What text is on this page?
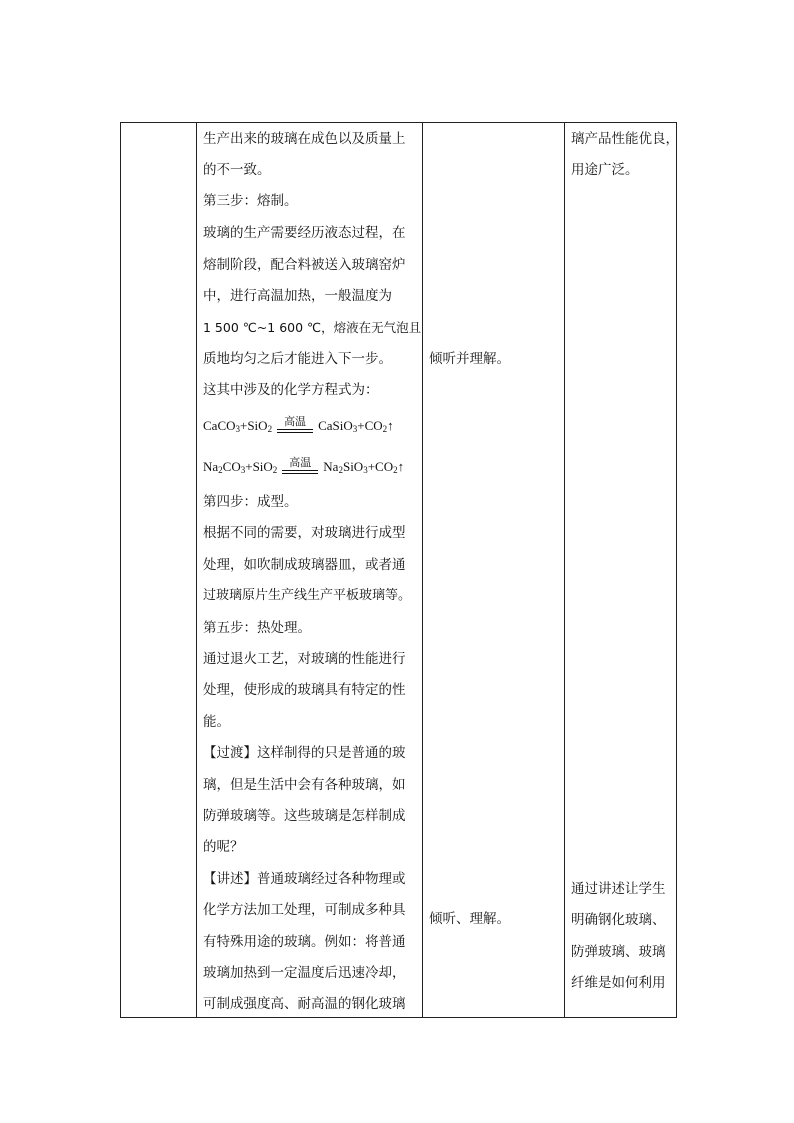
生产出来的玻璃在成色以及质量上
的不一致。
第三步：熔制。
玻璃的生产需要经历液态过程，在
熔制阶段，配合料被送入玻璃窑炉
中，进行高温加热，一般温度为
1 500 ℃~1 600 ℃，熔液在无气泡且
质地均匀之后才能进入下一步。
这其中涉及的化学方程式为：
CaCO$_3$+SiO$_2$高温 $CaSiO_3+CO_2↑$
$Na_2CO_3+SiO_2$高温 $Na_2SiO_3+CO_2↑$
第四步：成型。
根据不同的需要，对玻璃进行成型
处理，如吹制成玻璃器皿，或者通
过玻璃原片生产线生产平板玻璃等。
第五步：热处理。
通过退火工艺，对玻璃的性能进行
处理，使形成的玻璃具有特定的性
能。
【过渡】这样制得的只是普通的玻
璃，但是生活中会有各种玻璃，如
防弹玻璃等。这些玻璃是怎样制成
的呢？
【讲述】普通玻璃经过各种物理或
化学方法加工处理，可制成多种具
有特殊用途的玻璃。例如：将普通
玻璃加热到一定温度后迅速冷却，
可制成强度高、耐高温的钢化玻璃
倾听并理解。
倾听、理解。
璃产品性能优良，
用途广泛。
通过讲述让学生
明确钢化玻璃、
防弹玻璃、玻璃
纤维是如何利用
